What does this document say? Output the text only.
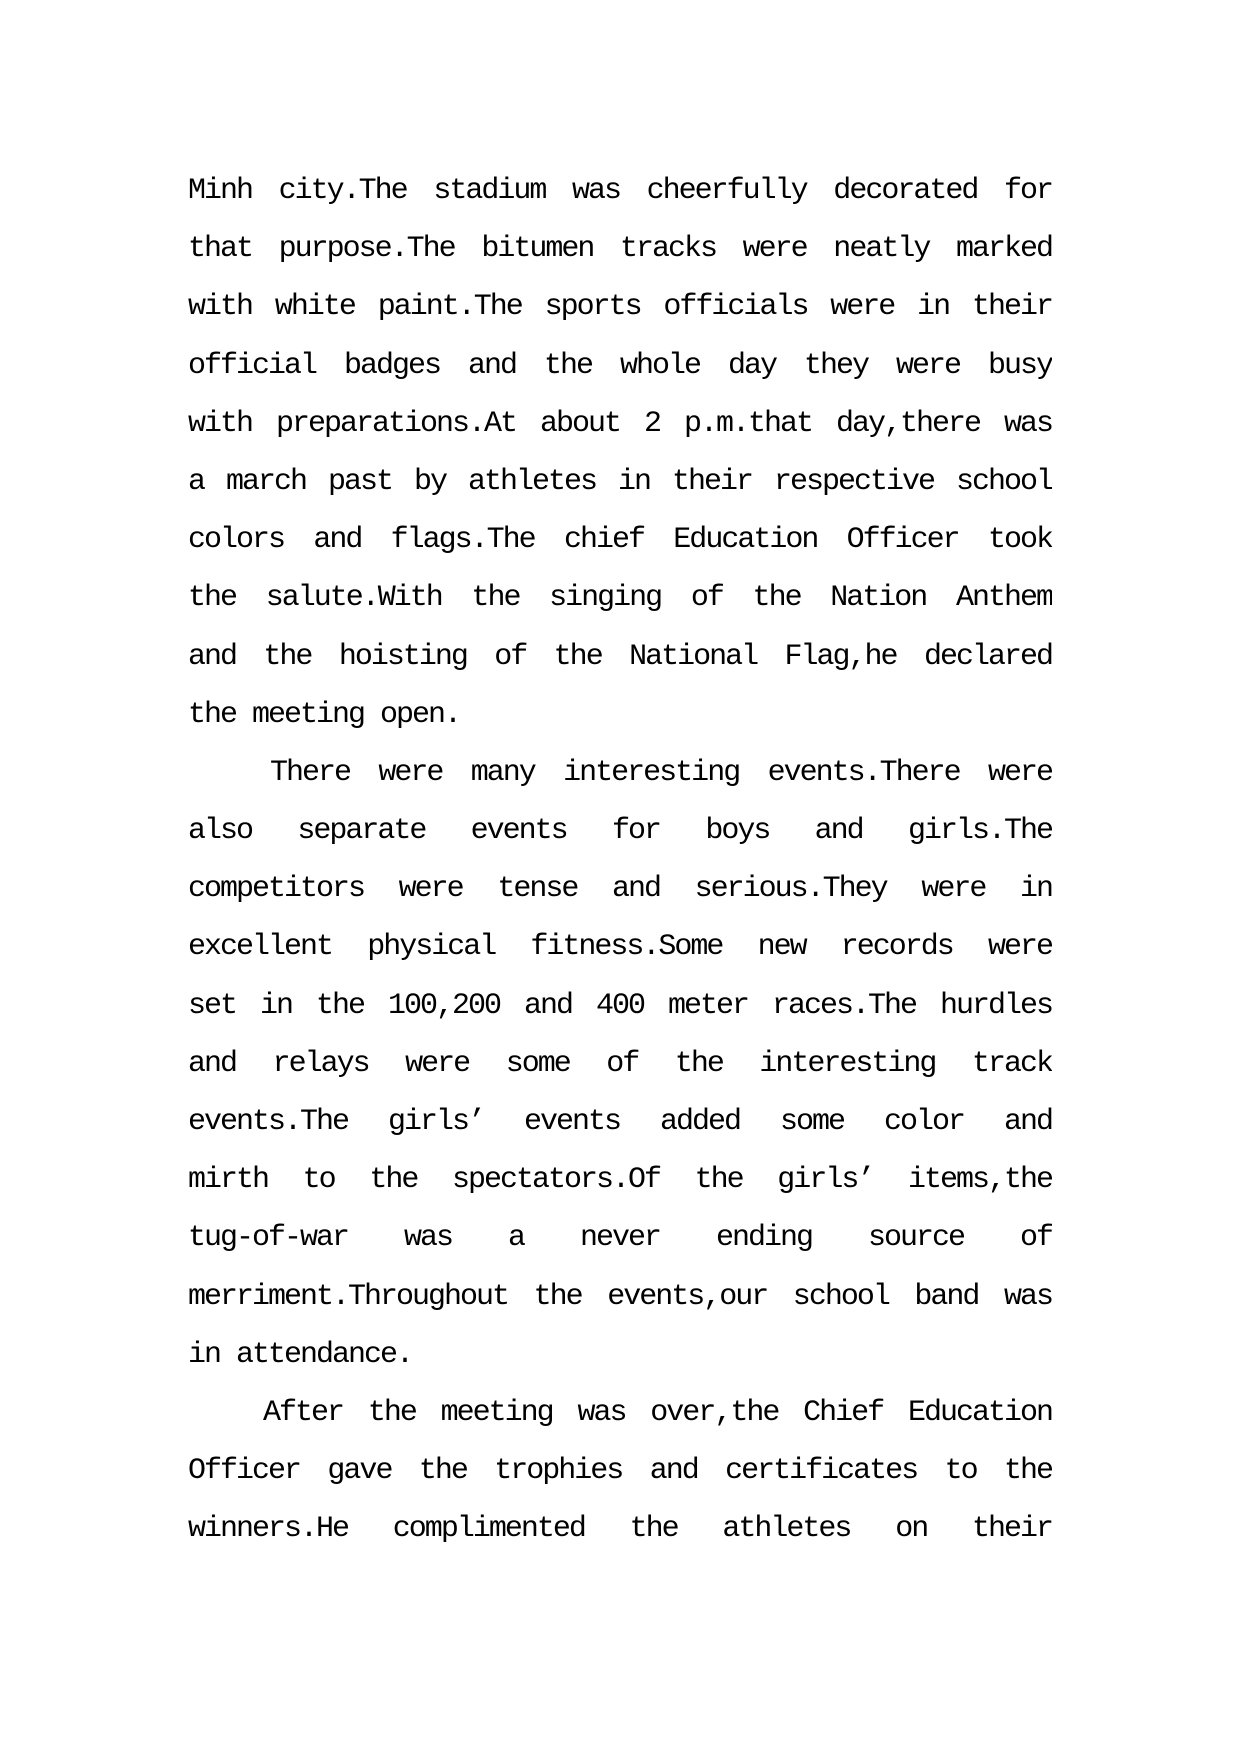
Minh city.The stadium was cheerfully decorated for
that purpose.The bitumen tracks were neatly marked
with white paint.The sports officials were in their
official badges and the whole day they were busy
with preparations.At about 2 p.m.that day,there was
a march past by athletes in their respective school
colors and flags.The chief Education Officer took
the salute.With the singing of the Nation Anthem
and the hoisting of the National Flag,he declared
the meeting open.
There were many interesting events.There were
also separate events for boys and girls.The
competitors were tense and serious.They were in
excellent physical fitness.Some new records were
set in the 100,200 and 400 meter races.The hurdles
and relays were some of the interesting track
events.The girls’ events added some color and
mirth to the spectators.Of the girls’ items,the
tug-of-war was a never ending source of
merriment.Throughout the events,our school band was
in attendance.
After the meeting was over,the Chief Education
Officer gave the trophies and certificates to the
winners.He complimented the athletes on their
